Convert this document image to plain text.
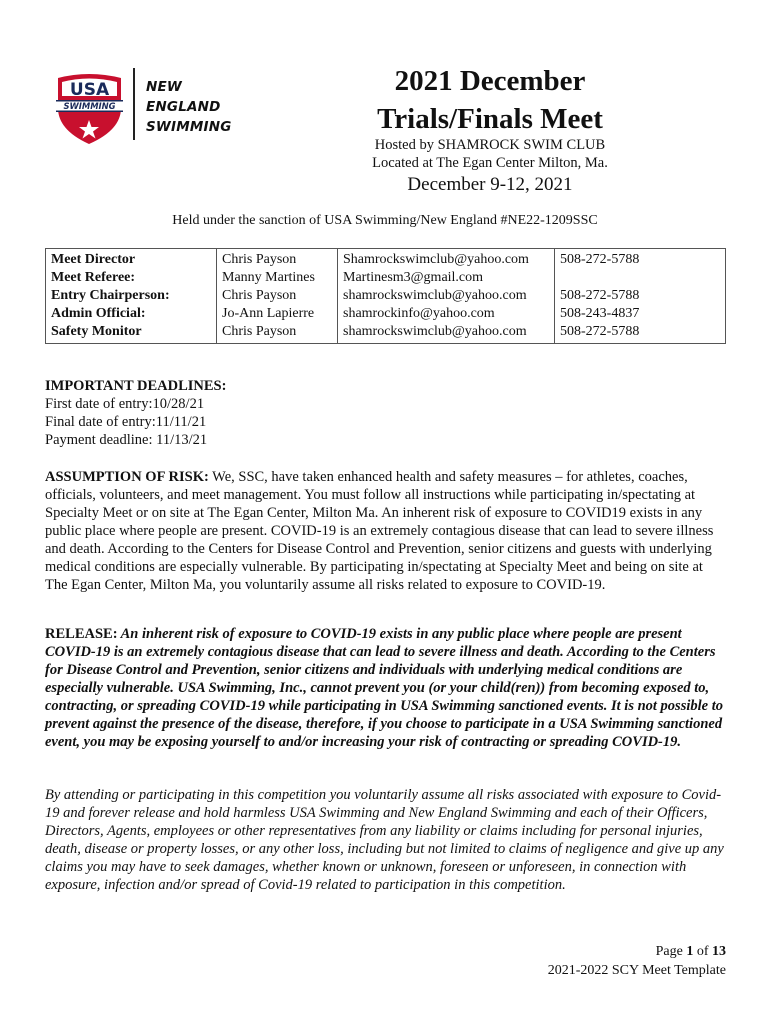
USA
SWIMMING
NEW
ENGLAND
SWIMMING
2021 December
Trials/Finals Meet
Hosted by SHAMROCK SWIM CLUB
Located at The Egan Center Milton, Ma.
December 9-12, 2021
Held under the sanction of USA Swimming/New England #NE22-1209SSC
Meet Director	Chris Payson	Shamrockswimclub@yahoo.com	508-272-5788
Meet Referee:	Manny Martines	Martinesm3@gmail.com	
Entry Chairperson:	Chris Payson	shamrockswimclub@yahoo.com	508-272-5788
Admin Official:	Jo-Ann Lapierre	shamrockinfo@yahoo.com	508-243-4837
Safety Monitor	Chris Payson	shamrockswimclub@yahoo.com	508-272-5788
IMPORTANT DEADLINES:
First date of entry:10/28/21
Final date of entry:11/11/21
Payment deadline: 11/13/21
ASSUMPTION OF RISK: We, SSC, have taken enhanced health and safety measures – for athletes, coaches, officials, volunteers, and meet management. You must follow all instructions while participating in/spectating at Specialty Meet or on site at The Egan Center, Milton Ma. An inherent risk of exposure to COVID19 exists in any public place where people are present. COVID-19 is an extremely contagious disease that can lead to severe illness and death. According to the Centers for Disease Control and Prevention, senior citizens and guests with underlying medical conditions are especially vulnerable. By participating in/spectating at Specialty Meet and being on site at The Egan Center, Milton Ma, you voluntarily assume all risks related to exposure to COVID-19.
RELEASE: An inherent risk of exposure to COVID-19 exists in any public place where people are present COVID-19 is an extremely contagious disease that can lead to severe illness and death. According to the Centers for Disease Control and Prevention, senior citizens and individuals with underlying medical conditions are especially vulnerable. USA Swimming, Inc., cannot prevent you (or your child(ren)) from becoming exposed to, contracting, or spreading COVID-19 while participating in USA Swimming sanctioned events. It is not possible to prevent against the presence of the disease, therefore, if you choose to participate in a USA Swimming sanctioned event, you may be exposing yourself to and/or increasing your risk of contracting or spreading COVID-19.
By attending or participating in this competition you voluntarily assume all risks associated with exposure to Covid-19 and forever release and hold harmless USA Swimming and New England Swimming and each of their Officers, Directors, Agents, employees or other representatives from any liability or claims including for personal injuries, death, disease or property losses, or any other loss, including but not limited to claims of negligence and give up any claims you may have to seek damages, whether known or unknown, foreseen or unforeseen, in connection with exposure, infection and/or spread of Covid-19 related to participation in this competition.
Page 1 of 13
2021-2022 SCY Meet Template
